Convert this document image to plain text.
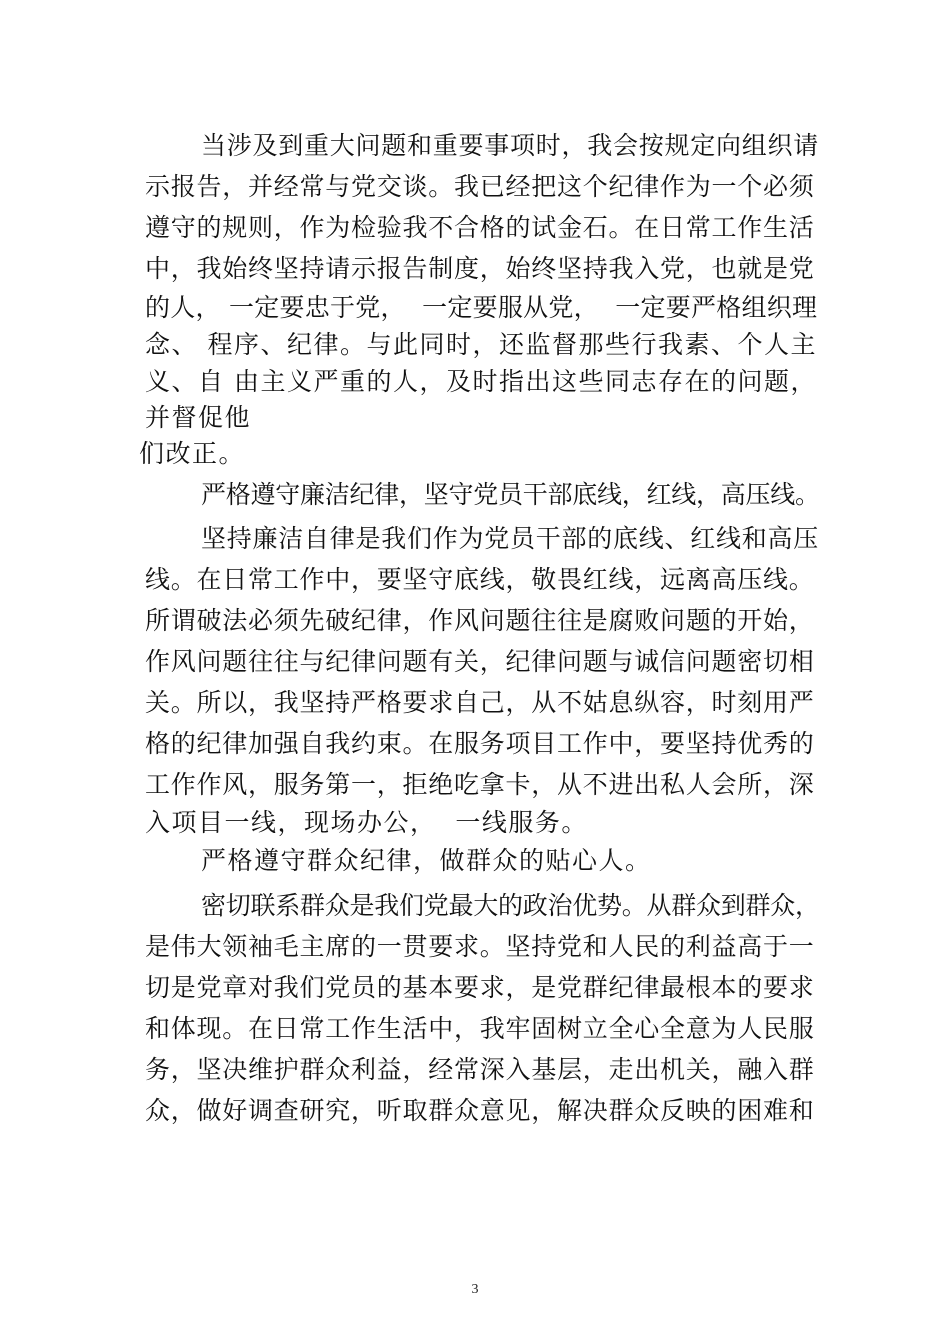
当涉及到重大问题和重要事项时，我会按规定向组织请
示报告，并经常与党交谈。我已经把这个纪律作为一个必须
遵守的规则，作为检验我不合格的试金石。在日常工作生活
中，我始终坚持请示报告制度，始终坚持我入党，也就是党
的人， 一定要忠于党，  一定要服从党，  一定要严格组织理
念、 程序、纪律。与此同时，还监督那些行我素、个人主
义、自 由主义严重的人，及时指出这些同志存在的问题，
并督促他
们改正。
严格遵守廉洁纪律，坚守党员干部底线，红线，高压线。
坚持廉洁自律是我们作为党员干部的底线、红线和高压
线。在日常工作中，要坚守底线，敬畏红线，远离高压线。
所谓破法必须先破纪律，作风问题往往是腐败问题的开始，
作风问题往往与纪律问题有关，纪律问题与诚信问题密切相
关。所以，我坚持严格要求自己，从不姑息纵容，时刻用严
格的纪律加强自我约束。在服务项目工作中，要坚持优秀的
工作作风，服务第一，拒绝吃拿卡，从不进出私人会所，深
入项目一线，现场办公，  一线服务。
严格遵守群众纪律，做群众的贴心人。
密切联系群众是我们党最大的政治优势。从群众到群众，
是伟大领袖毛主席的一贯要求。坚持党和人民的利益高于一
切是党章对我们党员的基本要求，是党群纪律最根本的要求
和体现。在日常工作生活中，我牢固树立全心全意为人民服
务，坚决维护群众利益，经常深入基层，走出机关，融入群
众，做好调查研究，听取群众意见，解决群众反映的困难和
3
